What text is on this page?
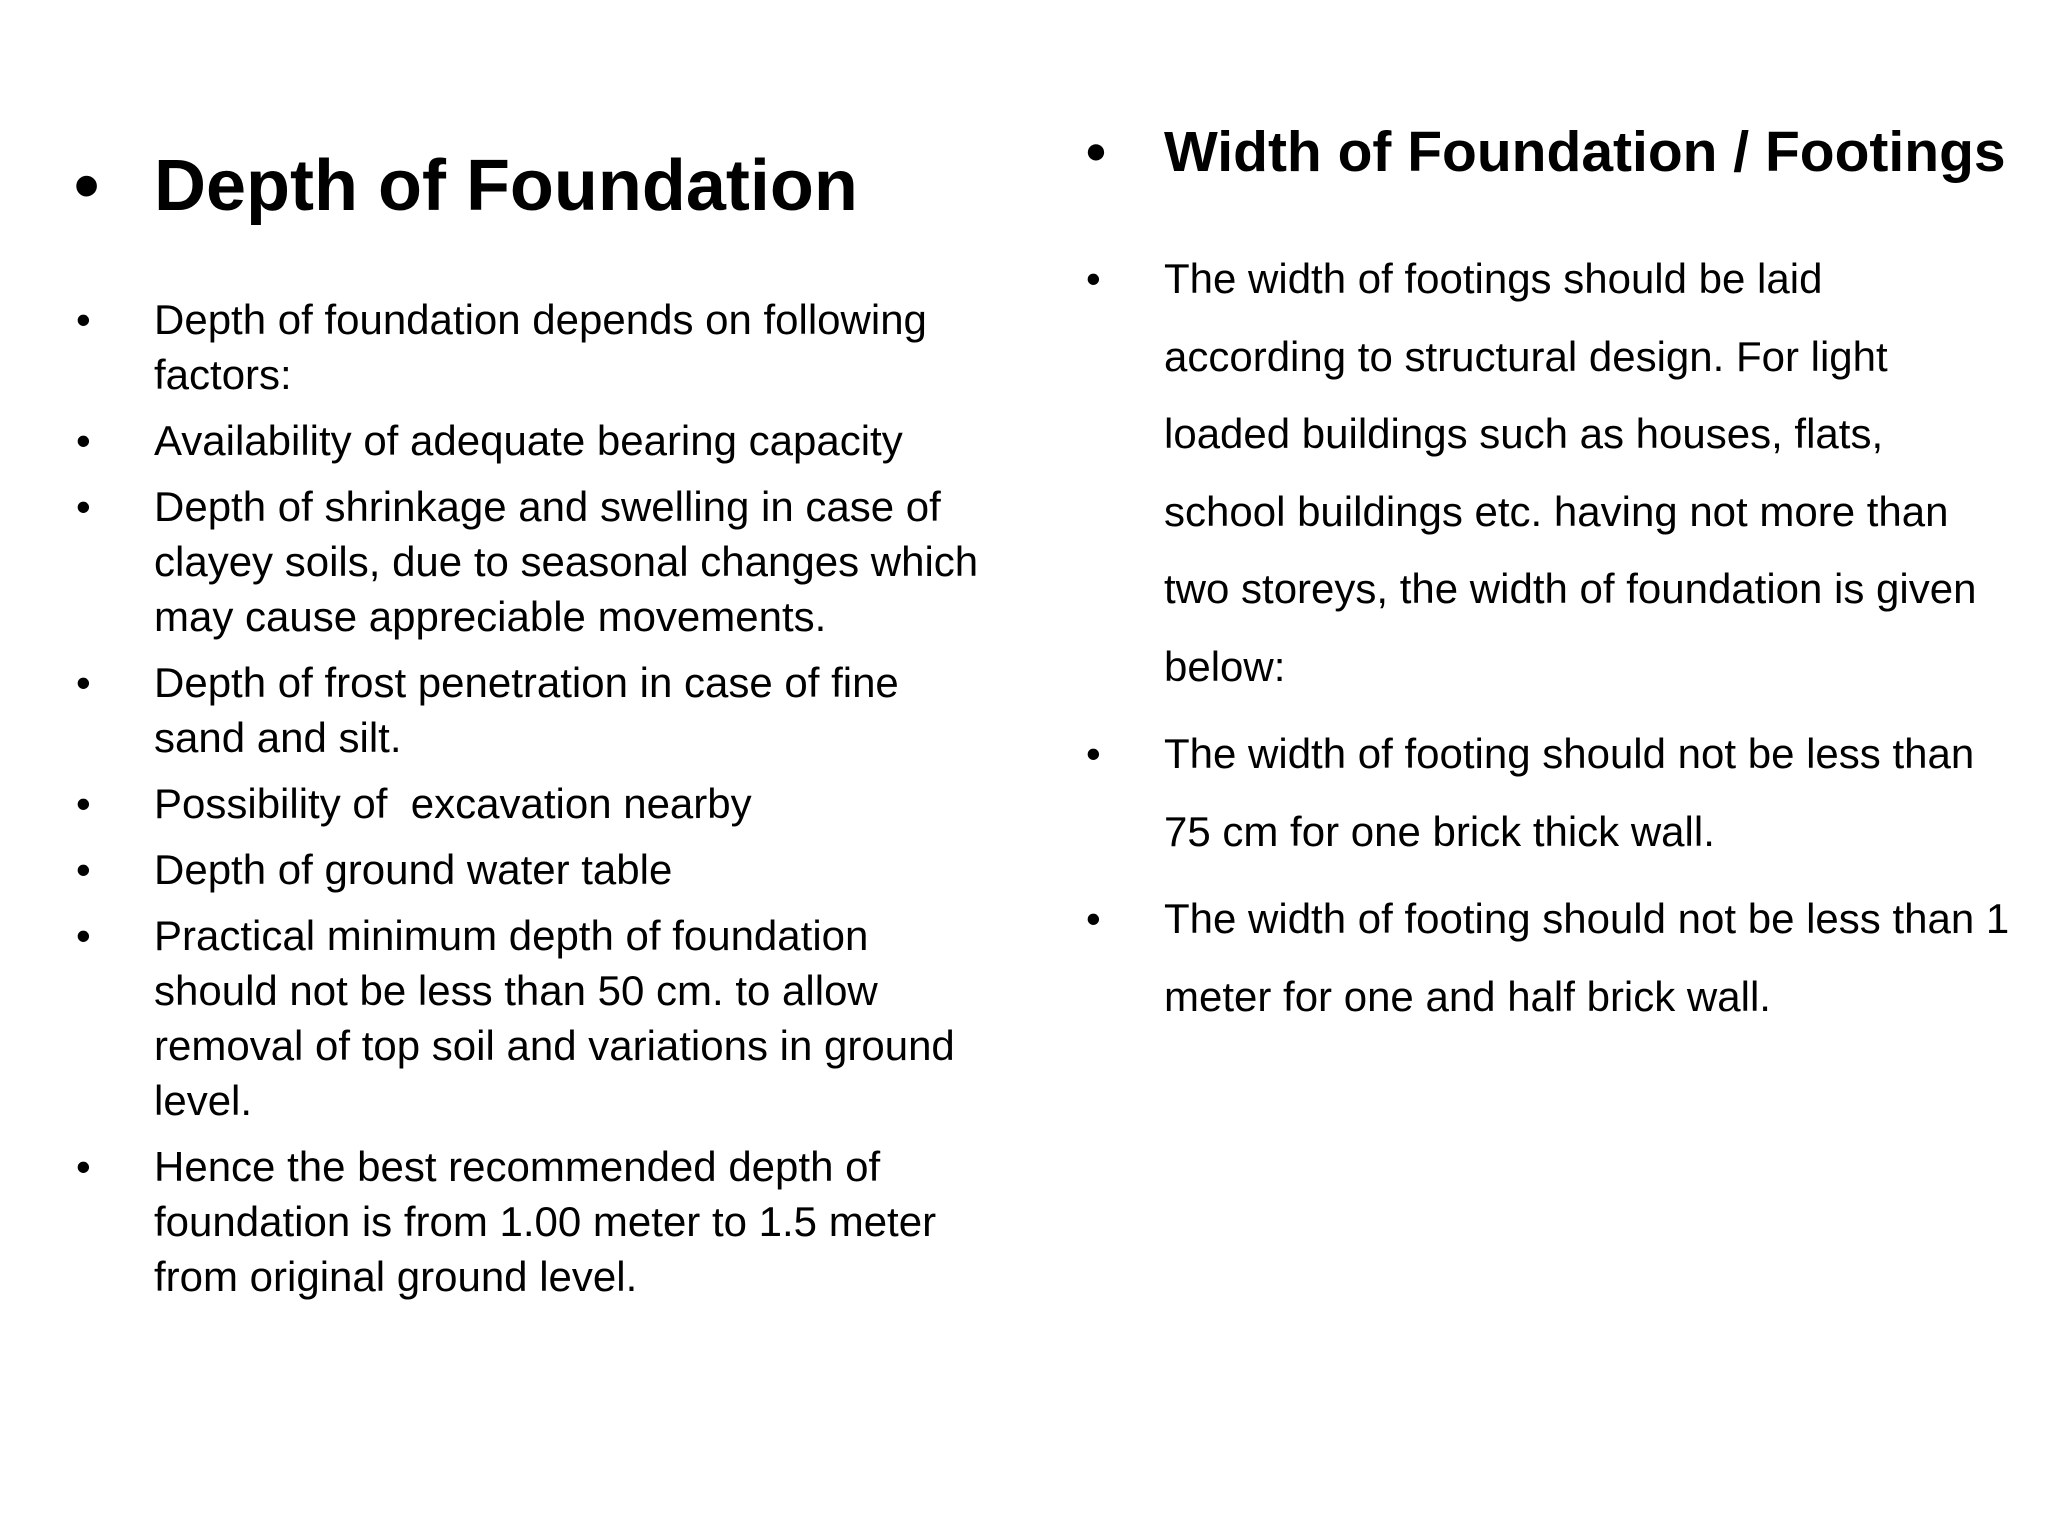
• Depth of Foundation
• Depth of foundation depends on following factors:
• Availability of adequate bearing capacity
• Depth of shrinkage and swelling in case of clayey soils, due to seasonal changes which may cause appreciable movements.
• Depth of frost penetration in case of fine sand and silt.
• Possibility of  excavation nearby
• Depth of ground water table
• Practical minimum depth of foundation should not be less than 50 cm. to allow removal of top soil and variations in ground level.
• Hence the best recommended depth of foundation is from 1.00 meter to 1.5 meter from original ground level.
• Width of Foundation / Footings
• The width of footings should be laid according to structural design. For light loaded buildings such as houses, flats, school buildings etc. having not more than two storeys, the width of foundation is given below:
• The width of footing should not be less than 75 cm for one brick thick wall.
• The width of footing should not be less than 1 meter for one and half brick wall.
